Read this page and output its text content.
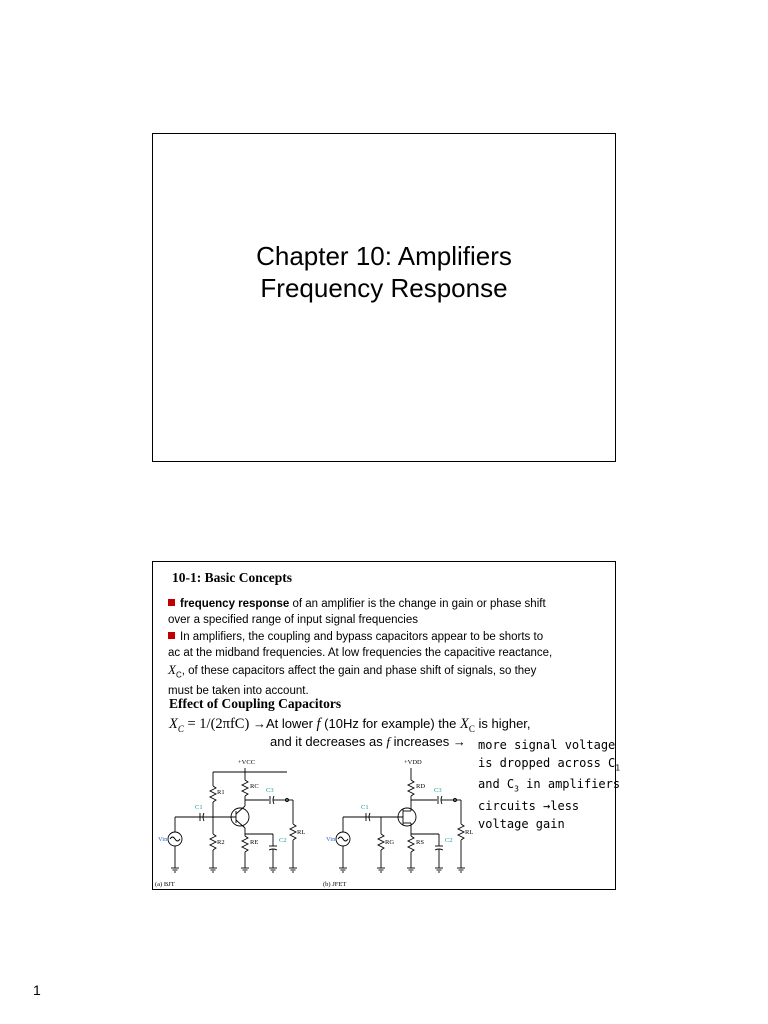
Chapter 10: Amplifiers
Frequency Response
10-1: Basic Concepts
frequency response of an amplifier is the change in gain or phase shift
over a specified range of input signal frequencies
In amplifiers, the coupling and bypass capacitors appear to be shorts to
ac at the midband frequencies. At low frequencies the capacitive reactance,
$X_C$, of these capacitors affect the gain and phase shift of signals, so they
must be taken into account.
Effect of Coupling Capacitors
$X_C = 1/(2\pi fC) \to At$ lower f (10Hz for example) the $X_C$ is higher,
and it decreases as f increases → more signal voltage
is dropped across $C_1$
and $C_3$ in amplifiers
circuits →less
voltage gain
+VCC
R1
RC
C3
C1
RL
Vin	R2	RE	C2
(a) BJT
+VDD
RD
C3
C1
RL
Vin	RG	RS	C2
(b) JFET
1
